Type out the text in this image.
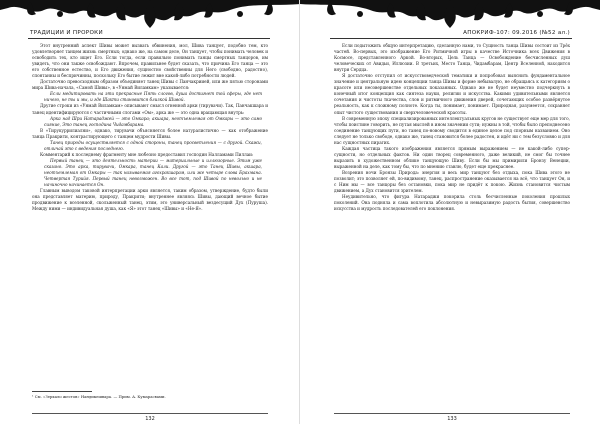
ТРАДИЦИИ И ПРОРОКИ

Этот внутренний аспект Шивы может вызвать обвинения, мол, Шива танцует, подобно тем, кто удовлетворяет танцем жизнь смертных; однако же, на самом деле, Он танцует, чтобы понимать человек и освободить тех, кто ищет Его. Если тогда, если правильно понимать танцы смертных танцоров, им увидеть, что они также освобождают. Впрочем, правильнее будет сказать, что причина Его танца — это его собственное естество, и Его движения, сущностно свойственны для Него (свободно, радостно), спонтанны и беспричинны, поскольку Его бытие лежит вне какой-либо потребности людей.

Достаточно превосходным образом объединяет танец Шивы с Панчакриией, или же пятью сторонами мира Шива-начала, «Самой Шивы», в «Унмай Виламкам» указывается:

Если медитировать на эти прекрасные Пять слогов, душа достигнет той сферы, где нет ничего, не ты и мы, и где Шакти становится близкой Шивой.

Другие строки из «Унмай Виламкам» описывают смысл огненной арки (тирувачи). Так, Панчакшара и танец идентифицируются с частичными слогами «Ом», арка же — это одна вращающая внутрь:

Арка над Шри Натараджей — это Омкара; акшара, неотъемлемая от Омкары — это само сияние, Это танец господина Чидамбарама.

В «Тирукуррилиални», однако, тирувачи объясняется более натуралистично — как отображение танца Пракрити, контрастирующего с танцем мудрости Шивы.

Танец природы осуществляется с одной стороны, танец просветления — с другой. Скажи, отличай это с ведения последнего.

Комментарий к последнему фрагменту мне любезно предоставил господин Налламами Пиллаи:

Первый танец — это деятельность материи — материальные и иллюзорные. Этим уже сказано. Это арка, тирувачи, Омкара, танец Кали. Другой — это Танец Шивы, акшара, неотъемлемая от Омкары — так называемая агохракшарам, или же четыре слова Брахмана. Четвертая Турийя. Первый танец невозможен. Во все тот, под Шивой по невольно и не начиночно начинается Он.

Главным выводом таковой интерпретации арки является, таким образом, утверждение, будто были она представляет материю, природу, Пракрити; внутреннее являясь Шивы, дающий вечное бытие продвижение к вселенной, скольженный танец, этим, это универсальный вездесущий Дух (Пуруша). Между ними — индивидуальная душа, как «Я» этот танец «Шивы» и «Не-Я».

¹ См. «Зеркало жестов» Нандикешвара. — Прим. А. Кумарасвами.
132
АПОКРИФ-107: 09.2016 (№52 ал.)

Если подытожить общую интерпретацию, сделанную нами, то Сущность танца Шивы состоит из Трёх частей. Во-первых, это изображение Его Ритмичной игры в качестве Источника всех Движения в Космосе, представленного Аркой. Во-вторых, Цель Танца — Освобождение бесчисленных душ человеческих от Авидьи, Иллюзии. В третьих, Место Танца, Чидамбарам, Центр Вселенной, находится внутри Сердца.

Я достаточно отступил от искусствоведческой тематики и попробовал выяснить фундаментальное значение и центральную идею концепции танца Шивы и форме небывалую, не обращаясь к категориям о красоте или несовершенстве отдельных показанных. Однако же не будет неуместно подчеркнуть в конечный итог концепция как синтеза науки, религии и искусства. Какими удивительными является сочетания и чистоты ткачества, слов и ритмичного движения дверей, сочетающих особое развёрнутое реальность, как к сложному полноте. Когда ты, понимает, понимает. Природная, разумеется, сохраняет опыт чистого существования и сверхчеловеческой красоты.

В современную эпоху специализированных интеллектуальных кругов не существует еще мер для того, чтобы поистине говорить, не путая мыслей в ином значении сути; нужны в той, чтобы было преподнесено соединение танцующих пути, но танец по-новому сводится в единое целое под спорным названием. Оно следует не только свободе, однако же, танец становится более радостен, и идёт ни с тем безусловно и для нас сущностных пирагих.

Каждая частица такого изображения является прямым выражением — не какой-либо супер-сущности, но отдельных фактов. Ни один творец современного, даже великий, не смог бы точнее выразить в художественном облике танцующую Шиву. Если бы мы примирили Бронзу Венеции, выраженной на деле, как тому бы, что по мнению ставлю, будет еще прекраснее.

Возрения ночи Бронзы Природа: энергия и весь мир танцуют без отдыха, пока Шива этого не позволит; это позволяет ей, по-видимому, танец, распространение оказывается на всё, что танцует Он, и с Ним мы — все танцоры без остановки, пока мир не придёт к покою. Жизнь становится чистым движением, а Дух становится зрителем.

Неудивительно, что фигура Натараджи покорила столь бесчисленные поколения прошлых поколений. Она подняла и сама воплотила абсолютную и невыразимую радость бытия, совершенство искусства и мудрость последователей его поклонения.

133
